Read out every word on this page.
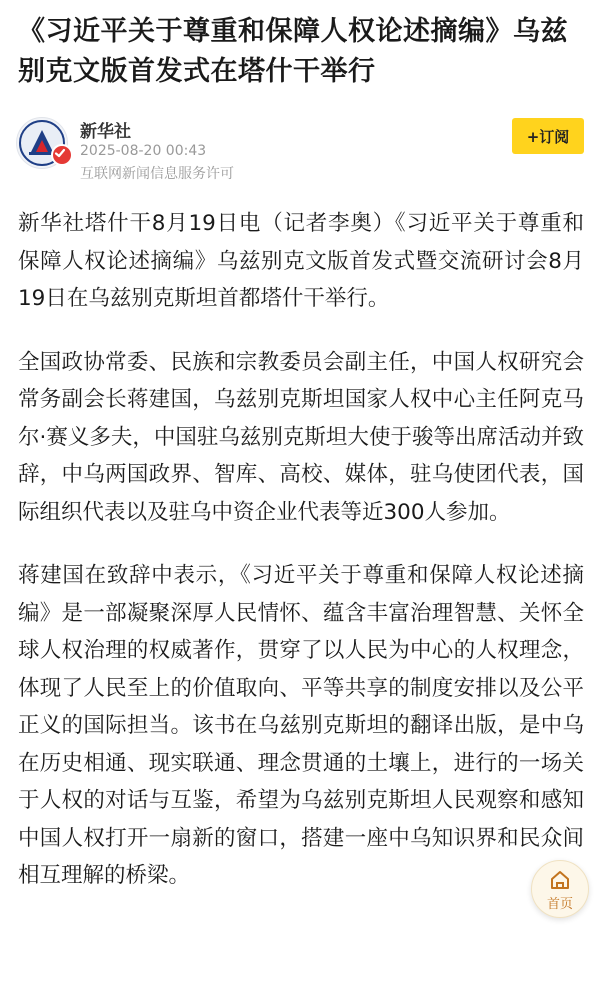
《习近平关于尊重和保障人权论述摘编》乌兹别克文版首发式在塔什干举行
新华社
2025-08-20 00:43
互联网新闻信息服务许可
+订阅

新华社塔什干8月19日电（记者李奥）《习近平关于尊重和保障人权论述摘编》乌兹别克文版首发式暨交流研讨会8月19日在乌兹别克斯坦首都塔什干举行。

全国政协常委、民族和宗教委员会副主任，中国人权研究会常务副会长蒋建国，乌兹别克斯坦国家人权中心主任阿克马尔·赛义多夫，中国驻乌兹别克斯坦大使于骏等出席活动并致辞，中乌两国政界、智库、高校、媒体，驻乌使团代表，国际组织代表以及驻乌中资企业代表等近300人参加。

蒋建国在致辞中表示，《习近平关于尊重和保障人权论述摘编》是一部凝聚深厚人民情怀、蕴含丰富治理智慧、关怀全球人权治理的权威著作，贯穿了以人民为中心的人权理念，体现了人民至上的价值取向、平等共享的制度安排以及公平正义的国际担当。该书在乌兹别克斯坦的翻译出版，是中乌在历史相通、现实联通、理念贯通的土壤上，进行的一场关于人权的对话与互鉴，希望为乌兹别克斯坦人民观察和感知中国人权打开一扇新的窗口，搭建一座中乌知识界和民众间相互理解的桥梁。

首页
